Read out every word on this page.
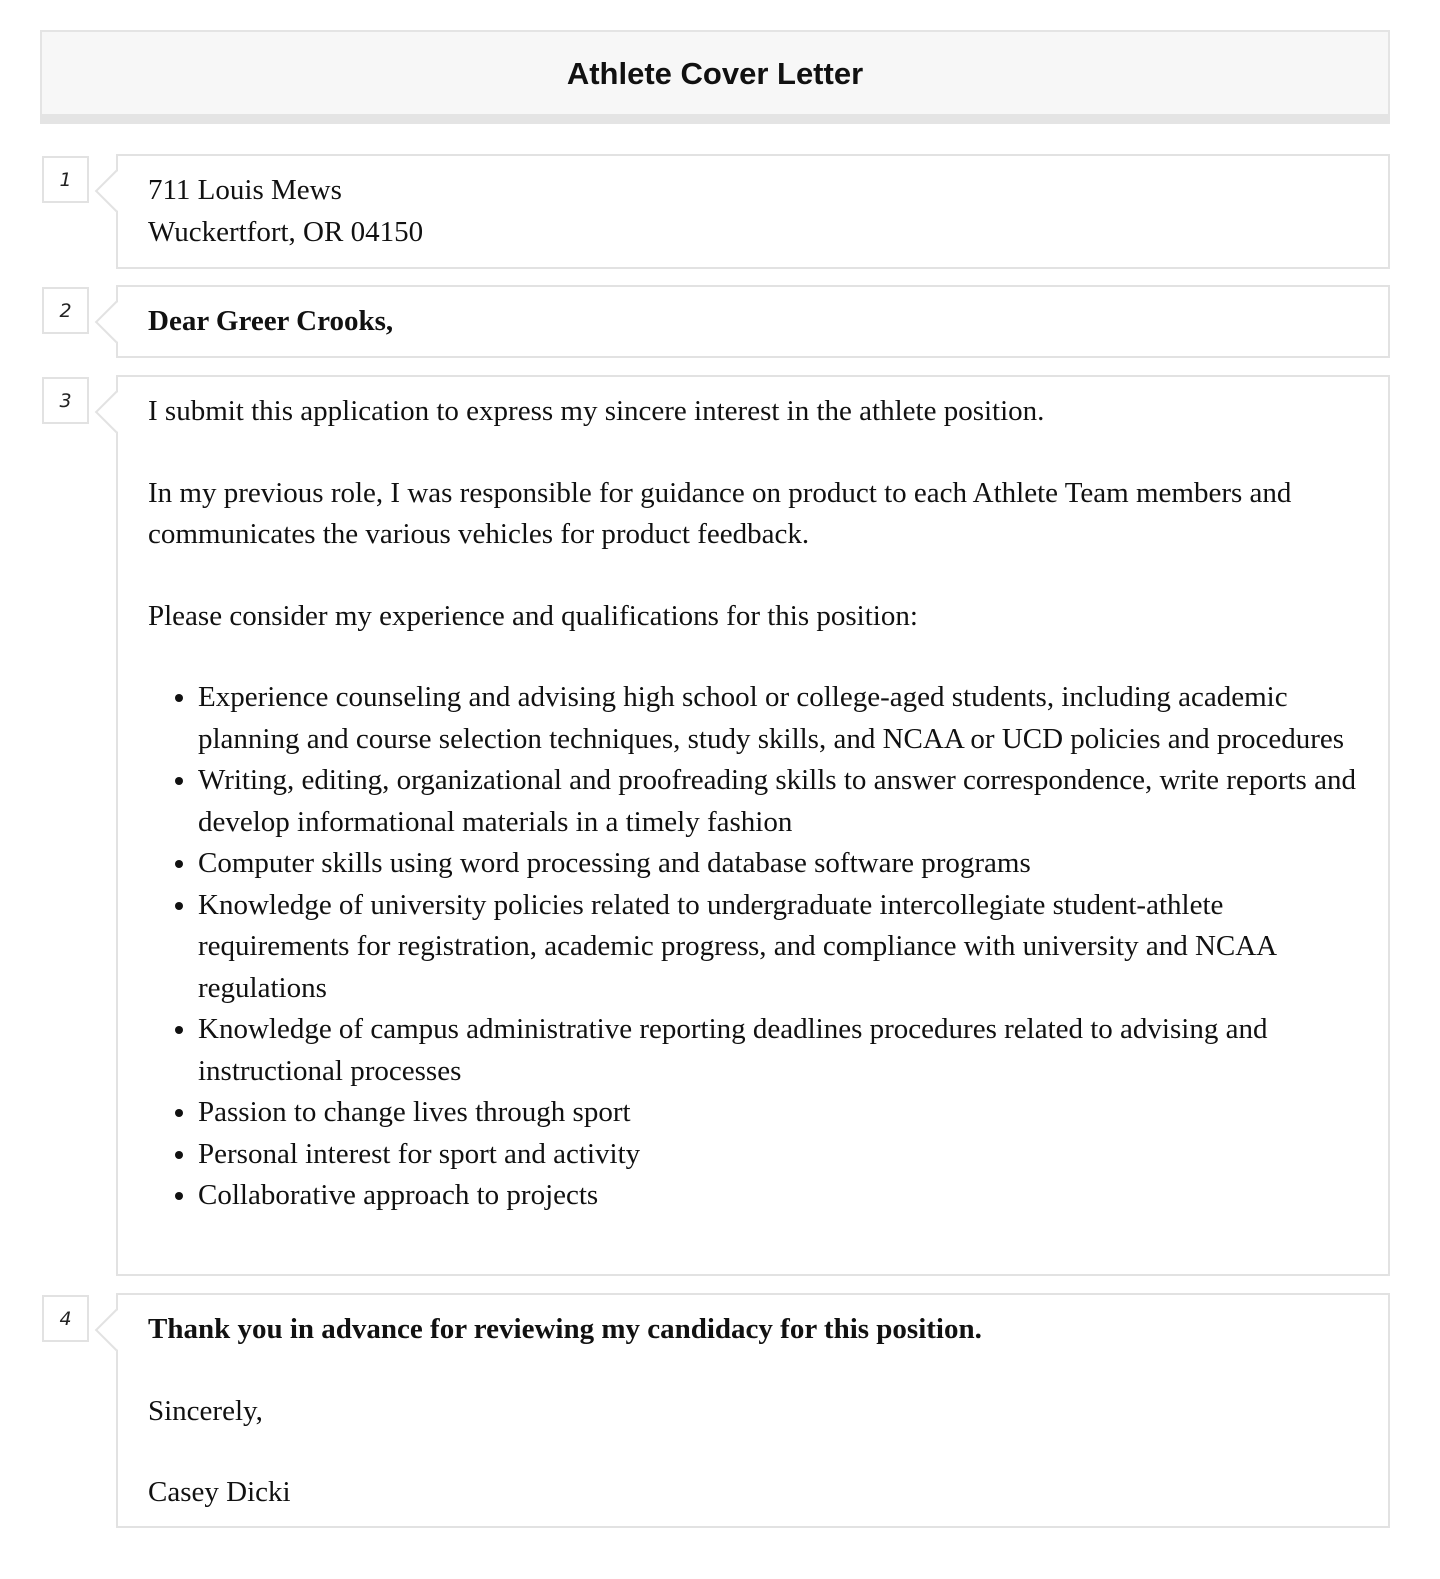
Athlete Cover Letter
1	711 Louis Mews
Wuckertfort, OR 04150
2	Dear Greer Crooks,
3	I submit this application to express my sincere interest in the athlete position.

In my previous role, I was responsible for guidance on product to each Athlete Team members and communicates the various vehicles for product feedback.

Please consider my experience and qualifications for this position:

• Experience counseling and advising high school or college-aged students, including academic planning and course selection techniques, study skills, and NCAA or UCD policies and procedures
• Writing, editing, organizational and proofreading skills to answer correspondence, write reports and develop informational materials in a timely fashion
• Computer skills using word processing and database software programs
• Knowledge of university policies related to undergraduate intercollegiate student-athlete requirements for registration, academic progress, and compliance with university and NCAA regulations
• Knowledge of campus administrative reporting deadlines procedures related to advising and instructional processes
• Passion to change lives through sport
• Personal interest for sport and activity
• Collaborative approach to projects
4	Thank you in advance for reviewing my candidacy for this position.

Sincerely,

Casey Dicki
